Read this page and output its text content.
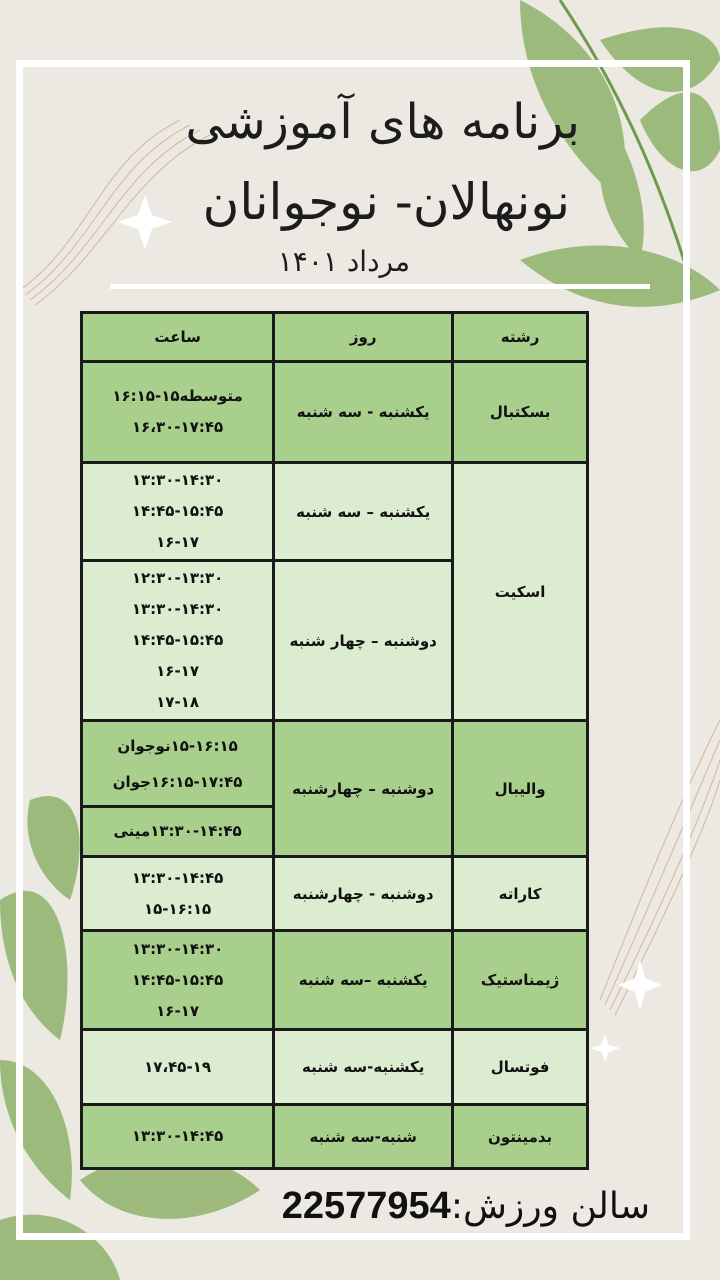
برنامه های آموزشی
نونهالان- نوجوانان
مرداد ۱۴۰۱
رشته	روز	ساعت
بسکتبال	یکشنبه - سه شنبه	متوسطه۱۵-۱۶:۱۵
۱۶،۳۰-۱۷:۴۵

اسکیت	یکشنبه – سه شنبه	۱۳:۳۰-۱۴:۳۰
۱۴:۴۵-۱۵:۴۵
۱۶-۱۷

	دوشنبه – چهار شنبه	۱۲:۳۰-۱۳:۳۰
۱۳:۳۰-۱۴:۳۰
۱۴:۴۵-۱۵:۴۵
۱۶-۱۷
۱۷-۱۸

والیبال	دوشنبه – چهارشنبه	۱۵-۱۶:۱۵نوجوان
۱۶:۱۵-۱۷:۴۵جوان

		۱۳:۳۰-۱۴:۴۵مینی

کاراته	دوشنبه - چهارشنبه	۱۳:۳۰-۱۴:۴۵
۱۵-۱۶:۱۵

ژیمناستیک	یکشنبه –سه شنبه	۱۳:۳۰-۱۴:۳۰
۱۴:۴۵-۱۵:۴۵
۱۶-۱۷

فوتسال	یکشنبه-سه شنبه	۱۷،۴۵-۱۹

بدمینتون	شنبه-سه شنبه	۱۳:۳۰-۱۴:۴۵
سالن ورزش:22577954
